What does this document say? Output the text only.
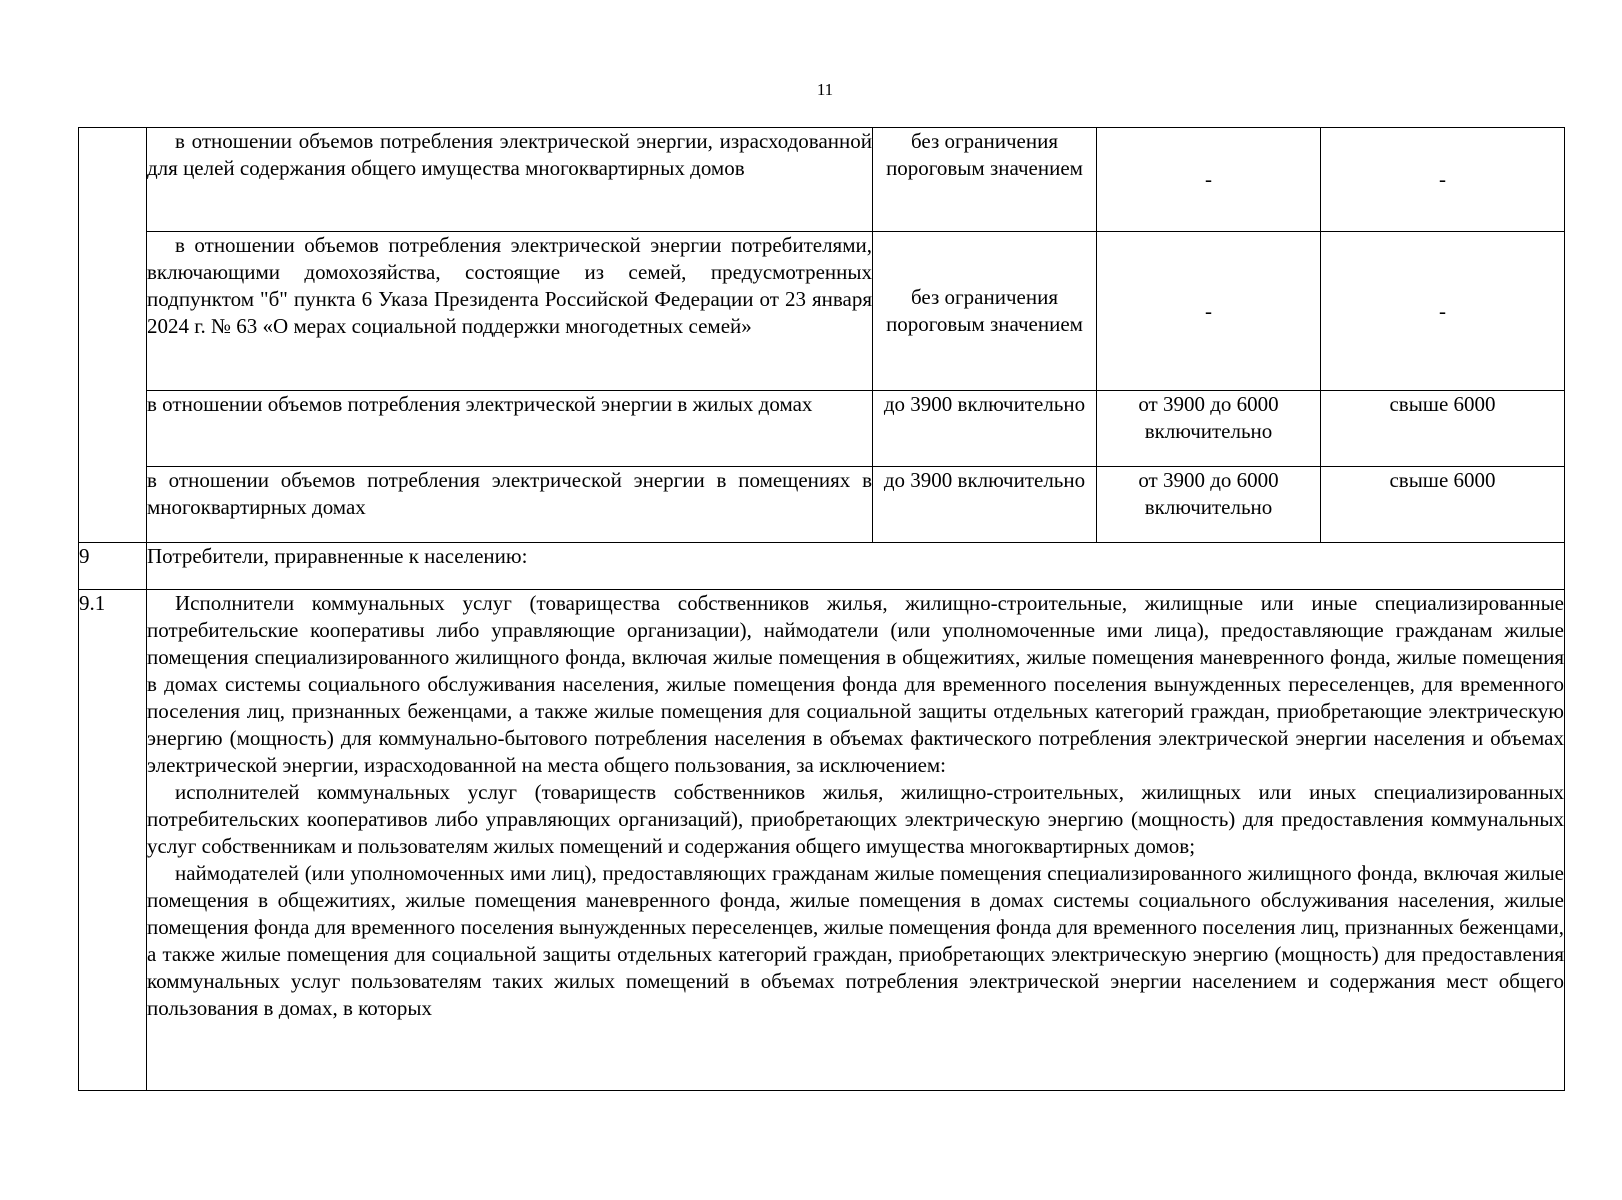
11
	в отношении объемов потребления электрической энергии, израсходованной для целей содержания общего имущества многоквартирных домов	без ограничения пороговым значением	-	-
	в отношении объемов потребления электрической энергии потребителями, включающими домохозяйства, состоящие из семей, предусмотренных подпунктом "б" пункта 6 Указа Президента Российской Федерации от 23 января 2024 г. № 63 «О мерах социальной поддержки многодетных семей»	без ограничения пороговым значением	-	-
	в отношении объемов потребления электрической энергии в жилых домах	до 3900 включительно	от 3900 до 6000 включительно	свыше 6000
	в отношении объемов потребления электрической энергии в помещениях в многоквартирных домах	до 3900 включительно	от 3900 до 6000 включительно	свыше 6000
9	Потребители, приравненные к населению:			
9.1	Исполнители коммунальных услуг (товарищества собственников жилья, жилищно-строительные, жилищные или иные специализированные потребительские кооперативы либо управляющие организации), наймодатели (или уполномоченные ими лица), предоставляющие гражданам жилые помещения специализированного жилищного фонда, включая жилые помещения в общежитиях, жилые помещения маневренного фонда, жилые помещения в домах системы социального обслуживания населения, жилые помещения фонда для временного поселения вынужденных переселенцев, для временного поселения лиц, признанных беженцами, а также жилые помещения для социальной защиты отдельных категорий граждан, приобретающие электрическую энергию (мощность) для коммунально-бытового потребления населения в объемах фактического потребления электрической энергии населения и объемах электрической энергии, израсходованной на места общего пользования, за исключением:

исполнителей коммунальных услуг (товариществ собственников жилья, жилищно-строительных, жилищных или иных специализированных потребительских кооперативов либо управляющих организаций), приобретающих электрическую энергию (мощность) для предоставления коммунальных услуг собственникам и пользователям жилых помещений и содержания общего имущества многоквартирных домов;

наймодателей (или уполномоченных ими лиц), предоставляющих гражданам жилые помещения специализированного жилищного фонда, включая жилые помещения в общежитиях, жилые помещения маневренного фонда, жилые помещения в домах системы социального обслуживания населения, жилые помещения фонда для временного поселения вынужденных переселенцев, жилые помещения фонда для временного поселения лиц, признанных беженцами, а также жилые помещения для социальной защиты отдельных категорий граждан, приобретающих электрическую энергию (мощность) для предоставления коммунальных услуг пользователям таких жилых помещений в объемах потребления электрической энергии населением и содержания мест общего пользования в домах, в которых			
